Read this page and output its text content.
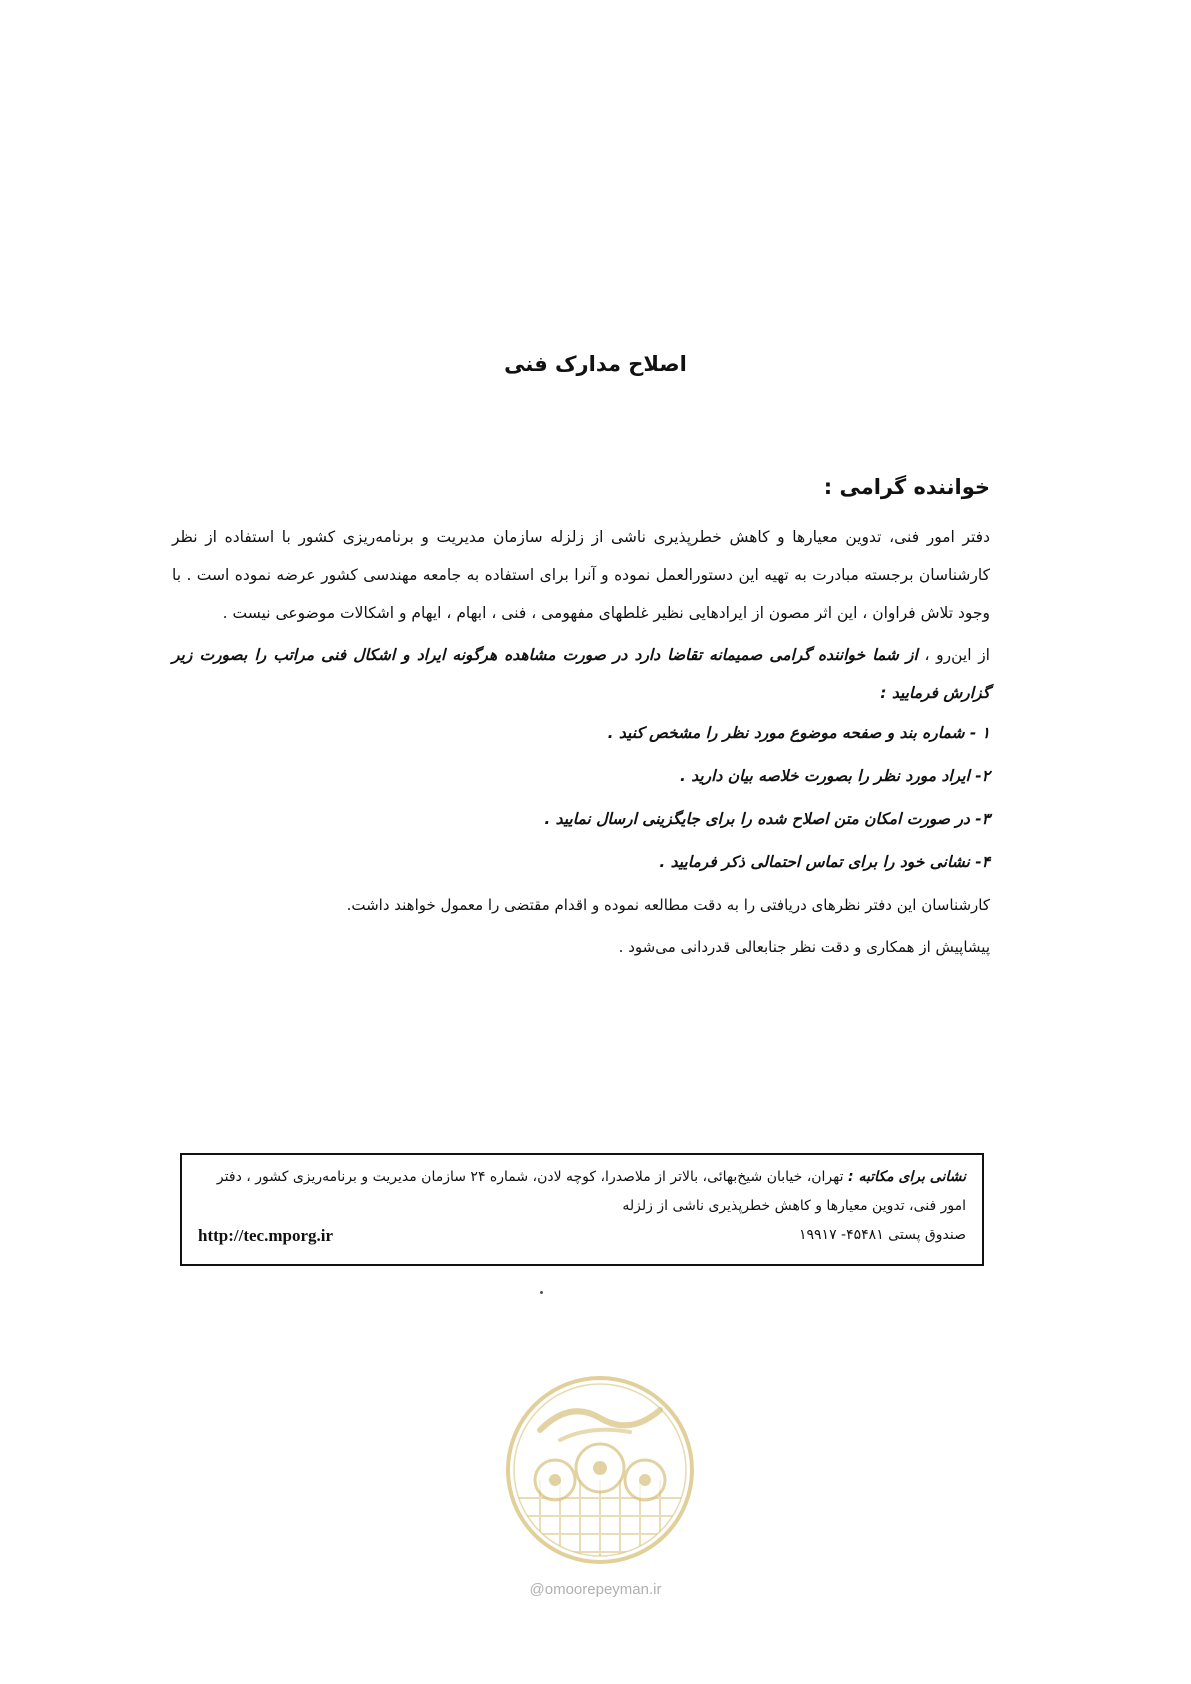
اصلاح مدارک فنی

خواننده گرامی :

دفتر امور فنی، تدوین معیارها و کاهش خطرپذیری ناشی از زلزله سازمان مدیریت و برنامه‌ریزی کشور با استفاده از نظر کارشناسان برجسته مبادرت به تهیه این دستورالعمل نموده و آنرا برای استفاده به جامعه مهندسی کشور عرضه نموده است . با وجود تلاش فراوان ، این اثر مصون از ایرادهایی نظیر غلطهای مفهومی ، فنی ، ابهام ، ایهام و اشکالات موضوعی نیست .

از این‌رو ، از شما خواننده گرامی صمیمانه تقاضا دارد در صورت مشاهده هرگونه ایراد و اشکال فنی مراتب را بصورت زیر گزارش فرمایید :

۱ - شماره بند و صفحه موضوع مورد نظر را مشخص کنید .
۲- ایراد مورد نظر را بصورت خلاصه بیان دارید .
۳- در صورت امکان متن اصلاح شده را برای جایگزینی ارسال نمایید .
۴- نشانی خود را برای تماس احتمالی ذکر فرمایید .

کارشناسان این دفتر نظرهای دریافتی را به دقت مطالعه نموده و اقدام مقتضی را معمول خواهند داشت.

پیشاپیش از همکاری و دقت نظر جنابعالی قدردانی می‌شود .

نشانی برای مکاتبه : تهران، خیابان شیخ‌بهائی، بالاتر از ملاصدرا، کوچه لادن، شماره ۲۴ سازمان مدیریت و برنامه‌ریزی کشور ، دفتر امور فنی، تدوین معیارها و کاهش خطرپذیری ناشی از زلزله

صندوق پستی ۴۵۴۸۱- ۱۹۹۱۷
http://tec.mporg.ir
@omoorepeyman.ir
